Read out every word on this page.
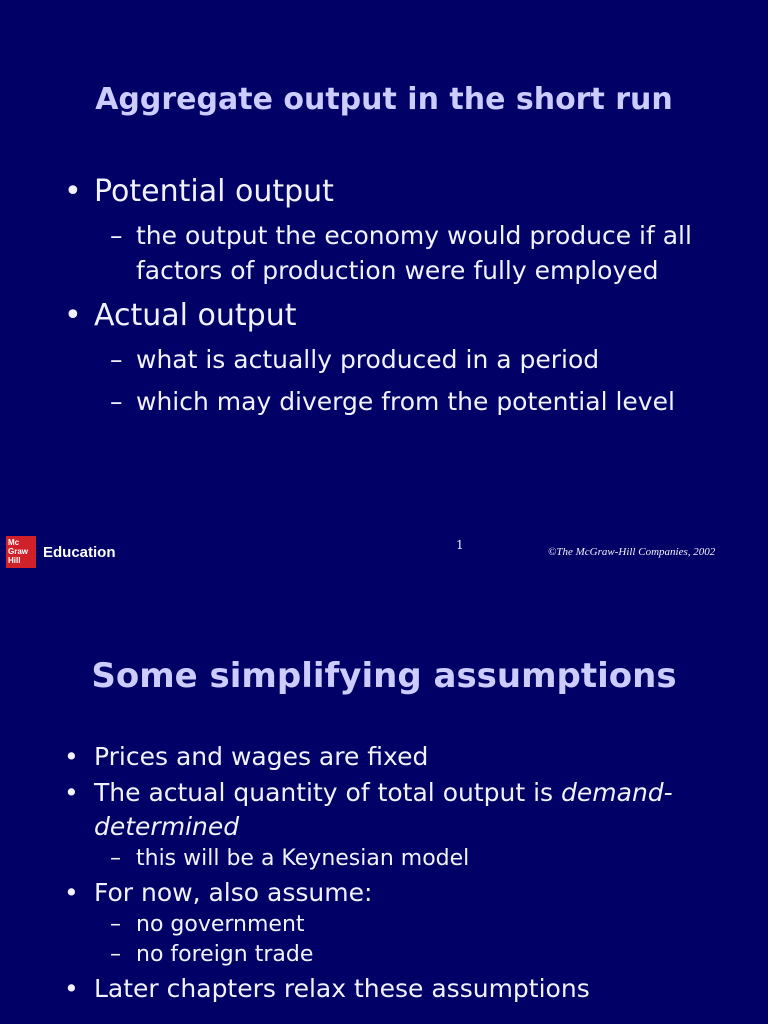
Aggregate output in the short run
• Potential output
– the output the economy would produce if all factors of production were fully employed
• Actual output
– what is actually produced in a period
– which may diverge from the potential level
Mc Graw Hill	Education	1	©The McGraw-Hill Companies, 2002
Some simplifying assumptions
• Prices and wages are fixed
• The actual quantity of total output is demand-determined
– this will be a Keynesian model
• For now, also assume:
– no government
– no foreign trade
• Later chapters relax these assumptions
